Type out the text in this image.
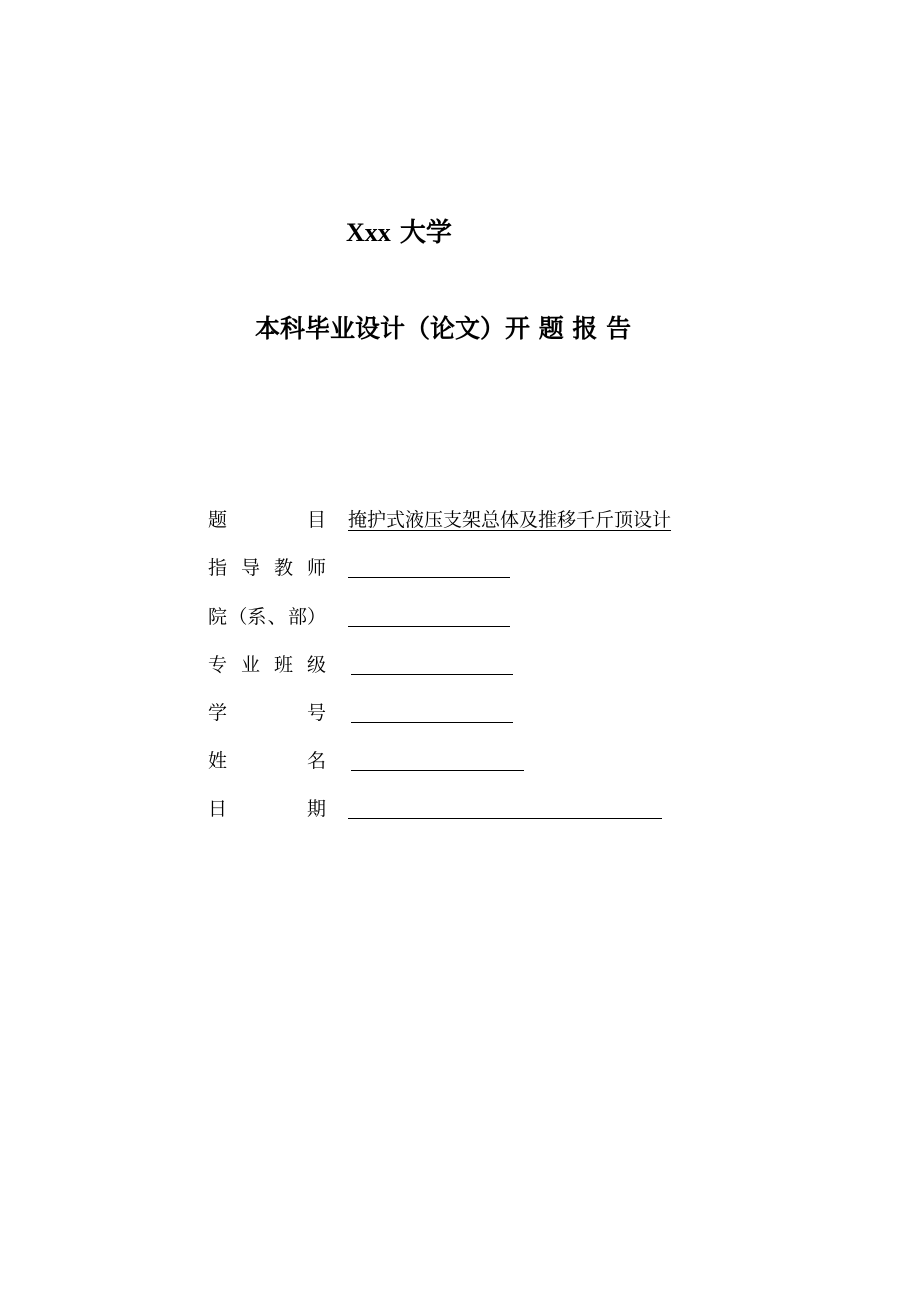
Xxx 大学
本科毕业设计（论文）开 题 报 告
题	目 掩护式液压支架总体及推移千斤顶设计
指 导 教 师
院 （系 、 部）
专 业 班 级
学	号
姓	名
日	期
